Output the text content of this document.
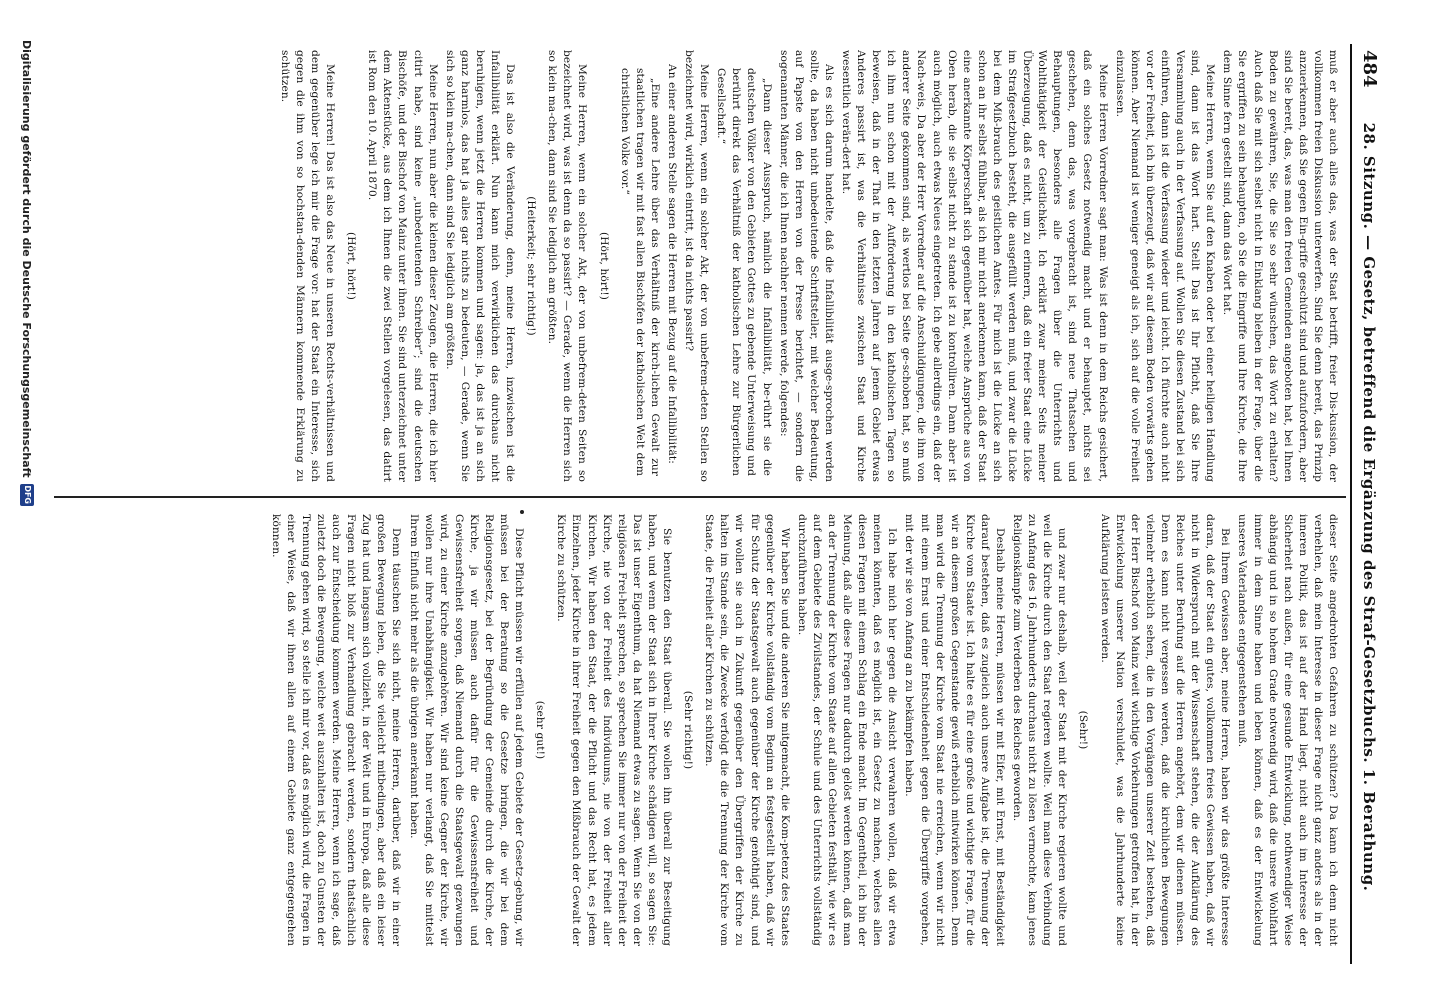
484
28. Sitzung. — Gesetz, betreffend die Ergänzung des Straf-Gesetzbuchs. 1. Berathung.

muß er aber auch alles das, was der Staat betrifft, freier Dis-kussion, der vollkommen freien Diskussion unterwerfen. Sind Sie denn bereit, das Prinzip anzuerkennen, daß Sie gegen Ein-griffe geschützt sind und aufzufordern, aber sind Sie bereit, das, was man den freien Gemeinden angeboten hat, bei Ihnen Boden zu gewähren, Sie, die Sie so sehr wünschen, das Wort zu erhalten? Auch daß Sie mit sich selbst nicht in Einklang bleiben in der Frage, über die Sie ergriffen zu sein behaupten, ob Sie die Eingriffe und Ihre Kirche, die Ihre dem Sinne fern gestellt sind, dann das Wort hat.

Meine Herren, wenn Sie auf den Knaben oder bei einer heiligen Handlung sind, dann ist das Wort hart. Stellt Das ist Ihr Pflicht, daß Sie Ihre Versammlung auch in der Verfassung auf. Wollen Sie diesen Zustand bei sich einführen, dann ist die Verfassung wieder und leicht. Ich fürchte auch nicht vor der Freiheit, ich bin überzeugt, daß wir auf diesem Boden vorwärts gehen können. Aber Niemand ist weniger geneigt als ich, sich auf die volle Freiheit einzulassen.

Meine Herren Vorredner sagt man: Was ist denn in dem Reichs gesichert, daß ein solches Gesetz notwendig macht und er behauptet, nichts sei geschehen, denn das, was vorgebracht ist, sind neue Thatsachen und Behauptungen, besonders alle Fragen über die Unterrichts und Wohlthätigkeit der Geistlichkeit. Ich erklärt zwar meiner Seits meiner Überzeugung, daß es nicht, um zu erinnern, daß ein freier Staat eine Lücke im Strafgesetzbuch besteht, die ausgefüllt werden muß, und zwar die Lücke bei dem Miß-brauch des geistlichen Amtes. Für mich ist die Lücke an sich schon an ihr selbst fühlbar, als ich mir nicht anerkennen kann, daß der Staat eine anerkannte Körperschaft sich gegenüber hat, welche Ansprüche aus von Oben herab, die sie selbst nicht zu stande ist zu kontrolliren. Dann aber ist auch möglich, auch etwas Neues eingetreten. Ich gebe allerdings ein, daß der Nach-weis, Da aber der Herr Vorredner auf die Anschuldigungen, die ihm von anderer Seite gekommen sind, als wertlos bei Seite ge-schoben hat, so muß ich ihm nun schon mit der Aufforderung in den katholischen Tagen so beweisen, daß in der That in den letzten Jahren auf jenem Gebiet etwas Anderes passirt ist, was die Verhältnisse zwischen Staat und Kirche wesentlich verän-dert hat.

Als es sich darum handelte, daß die Infallibilität ausge-sprochen werden sollte, da haben nicht unbedeutende Schriftsteller, mit welcher Bedeutung, auf Papste von den Herren von der Presse berichtet, — sondern die sogenannten Männer, die ich Ihnen nachher nennen werde, folgendes:

„Dann dieser Ausspruch, nämlich die Infallibilität, be-rührt sie die deutschen Völker von den Gebieten Gottes zu gebende Unterweisung und berührt direkt das Verhältniß der katholischen Lehre zur Bürgerlichen Gesellschaft.“

Meine Herren, wenn ein solcher Akt, der von unbefrem-deten Stellen so bezeichnet wird, wirklich eintritt, ist da nichts passirt?

An einer anderen Stelle sagen die Herren mit Bezug auf die Infallibilität:

„Eine andere Lehre über das Verhältniß der kirch-lichen Gewalt zur staatlichen tragen wir mit fast allen Bischöfen der katholischen Welt dem christlichen Volke vor.“

(Hört, hört!)

Meine Herren, wenn ein solcher Akt, der von unbefrem-deten Seiten so bezeichnet wird, was ist denn da so passirt? — Gerade, wenn die Herren sich so klein ma-chen, dann sind Sie lediglich am größten.

(Heiterkeit; sehr richtig!)

Das ist also die Veränderung, denn, meine Herren, inzwischen ist die Infallibilität erklärt. Nun kann mich verwirklichen das durchaus nicht beruhigen, wenn jetzt die Herren kommen und sagen: ja, das ist ja an sich ganz harmlos, das hat ja alles gar nichts zu bedeuten, — Gerade, wenn Sie sich so klein ma-chen, dann sind Sie lediglich am größten.

Meine Herren, nun aber die kleinen dieser Zeugen, die Herren, die ich hier citirt habe, sind keine „unbedeutenden Schreiber“; sind die deutschen Bischöfe, und der Bischof von Mainz unter ihnen. Sie sind unterzeichnet unter dem Aktenstücke, aus dem ich Ihnen die zwei Stellen vorgelesen, das datirt ist Rom den 10. April 1870.

(Hört, hört!)

Meine Herren! Das ist also das Neue in unseren Rechts-verhältnissen und dem gegenüber lege ich mir die Frage vor: hat der Staat ein Interesse, sich gegen die ihm von so hochstan-denden Männern kommende Erklärung zu schützen.

dieser Seite angedrohten Gefahren zu schützen? Da kann ich denn nicht verhehlen, daß mein Interesse in dieser Frage nicht ganz anders als in der inneren Politik, das ist auf der Hand liegt, nicht auch im Interesse der Sicherheit nach außen, für eine gesunde Entwicklung, nothwendiger Weise abhängig und in so hohem Grade notwendig wird, daß die unsere Wohlfahrt immer in dem Sinne haben und leben können, daß es der Entwickelung unseres Vaterlandes entgegenstehen muß.

Bei Ihrem Gewissen aber, meine Herren, haben wir das größte Interesse daran, daß der Staat ein gutes, vollkommen freies Gewissen haben, daß wir nicht in Widerspruch mit der Wissenschaft stehen, die der Aufklärung des Reiches unter Berufung auf die Herren angehört, dem wir dienen müssen. Denn es kann nicht vergessen werden, daß die kirchlichen Bewegungen vielmehr erheblich sehen, die in den Vorgängen unserer Zeit bestehen, daß der Herr Bischof von Mainz weit wichtige Vorkehrungen getroffen hat, in der Entwickelung unserer Nation verschuldet, was die Jahrhunderte keine Aufklärung leisten werden.

(Sehr!)

und zwar nur deshalb, weil der Staat mit der Kirche regieren wollte und weil die Kirche durch den Staat regieren wollte. Weil man diese Verbindung zu Anfang des 16. Jahrhunderts durchaus nicht zu lösen vermochte, kam jenes Religionskämpfe zum Verderben des Reiches geworden.

Deshalb meine Herren, müssen wir mit Eifer, mit Ernst, mit Beständigkeit darauf bestehen, daß es zugleich auch unsere Aufgabe ist, die Trennung der Kirche vom Staate ist. Ich halte es für eine große und wichtige Frage, für die wir an diesem großen Gegenstande gewiß erheblich mitwirken können. Denn man wird die Trennung der Kirche vom Staat nie erreichen, wenn wir nicht mit einem Ernst und einer Entschiedenheit gegen die Übergriffe vorgehen, mit der wir sie von Anfang an zu bekämpfen haben.

Ich habe mich hier gegen die Ansicht verwahren wollen, daß wir etwa meinen könnten, daß es möglich ist, ein Gesetz zu machen, welches allen diesen Fragen mit einem Schlag ein Ende macht. Im Gegentheil, ich bin der Meinung, daß alle diese Fragen nur dadurch gelöst werden können, daß man an der Trennung der Kirche vom Staate auf allen Gebieten festhält, wie wir es auf dem Gebiete des Zivilstandes, der Schule und des Unterrichts vollständig durchzuführen haben.

Wir haben Sie und die anderen Sie mitgemacht, die Kom-petenz des Staates gegenüber der Kirche vollständig vom Beginn an festgestellt haben, daß wir für Schutz der Staatsgewalt auch gegenüber der Kirche genöthigt sind, und wir wollen sie auch in Zukunft gegenüber den Übergriffen der Kirche zu halten im Stande sein, die Zwecke verfolgt die die Trennung der Kirche vom Staate, die Freiheit aller Kirchen zu schützen.

(Sehr richtig!)

Sie benutzen den Staat überall. Sie wollen ihn überall zur Beseitigung haben, und wenn der Staat sich in Ihrer Kirche schädigen will, so sagen Sie: Das ist unser Eigenthum, da hat Niemand etwas zu sagen. Wenn Sie von der religiösen Frei-heit sprechen, so sprechen Sie immer nur von der Freiheit der Kirche, nie von der Freiheit des Individuums, nie von der Freiheit aller Kirchen. Wir haben den Staat, der die Pflicht und das Recht hat, es jedem Einzelnen, jeder Kirche in ihrer Freiheit gegen den Mißbrauch der Gewalt der Kirche zu schützen.

(sehr gut!)

Diese Pflicht müssen wir erfüllen auf jedem Gebiete der Gesetz-gebung, wir müssen bei der Beratung so die Gesetze bringen, die wir bei dem Religionsgesetz, bei der Begründung der Gemeinde durch die Kirche, der Kirche, ja wir müssen auch dafür für die Gewissensfreiheit und Gewissensfreiheit sorgen, daß Niemand durch die Staatsgewalt gezwungen wird, zu einer Kirche anzugehören. Wir sind keine Gegner der Kirche, wir wollen nur ihre Unabhängigkeit. Wir haben nur verlangt, daß Sie mittelst Ihrem Einfluß nicht mehr als die übrigen anerkannt haben.

Denn täuschen Sie sich nicht, meine Herren, darüber, daß wir in einer großen Bewegung leben, die Sie vielleicht mitbedingen, aber daß ein leiser Zug hat und langsam sich vollzieht, in der Welt und in Europa, daß alle diese Fragen nicht bloß zur Verhandlung gebracht werden, sondern thatsächlich auch zur Entscheidung kommen werden. Meine Herren, wenn ich sage, daß zuletzt doch die Bewegung, welche weit auszuhalten ist, doch zu Gunsten der Trennung gehen wird, so stelle ich mir vor, daß es möglich wird, die Fragen in einer Weise, daß wir ihnen allen auf einem Gebiete ganz entgegengehen können.

Digitalisierung gefördert durch die Deutsche Forschungsgemeinschaft
DFG
